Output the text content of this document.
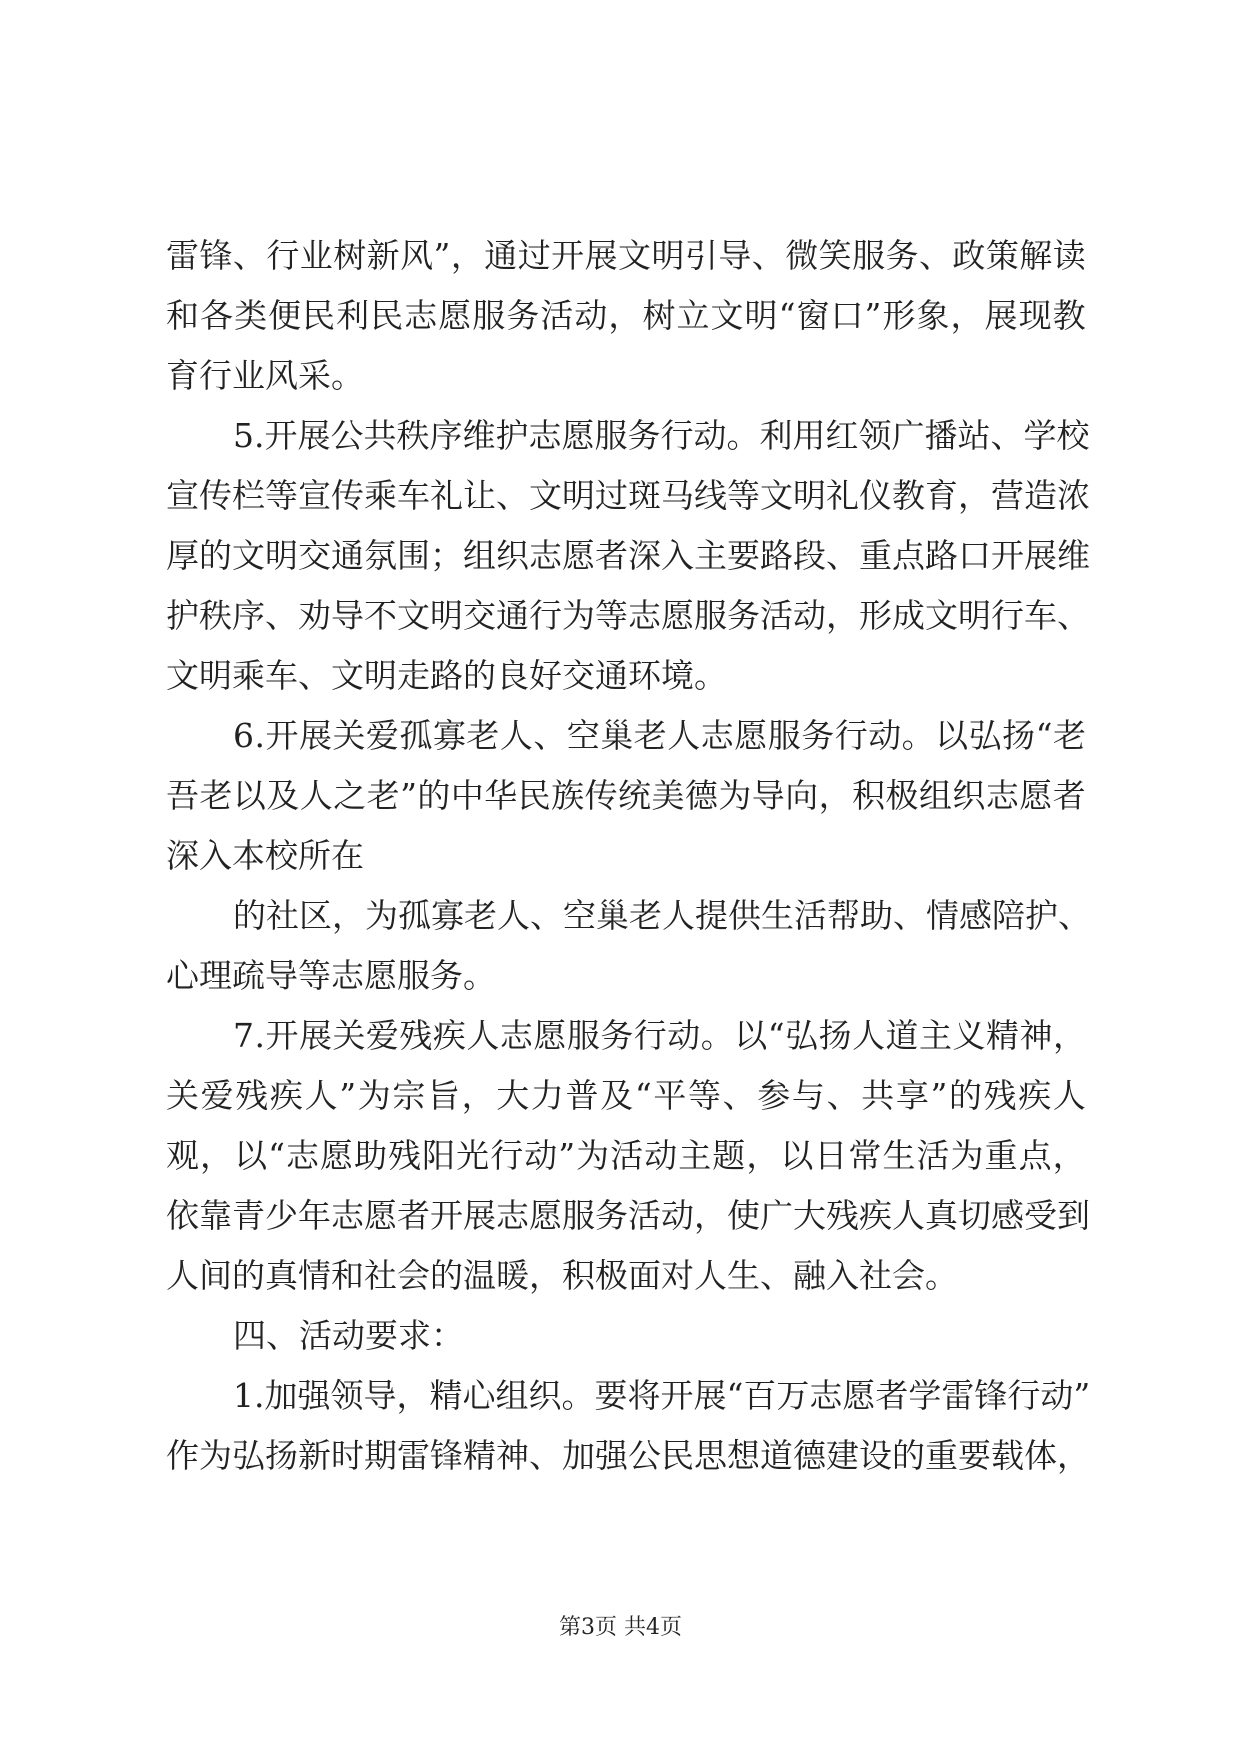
雷 锋 、 行 业 树 新 风 ” ， 通 过 开 展 文 明 引 导 、 微 笑 服 务 、 政 策 解 读
和 各 类 便 民 利 民 志 愿 服 务 活 动 ， 树 立 文 明 “ 窗 口 ” 形 象 ， 展 现 教
育行业风采。
5 . 开 展 公 共 秩 序 维 护 志 愿 服 务 行 动 。 利 用 红 领 广 播 站 、 学 校
宣 传 栏 等 宣 传 乘 车 礼 让 、 文 明 过 斑 马 线 等 文 明 礼 仪 教 育 ， 营 造 浓
厚 的 文 明 交 通 氛 围 ； 组 织 志 愿 者 深 入 主 要 路 段 、 重 点 路 口 开 展 维
护 秩 序 、 劝 导 不 文 明 交 通 行 为 等 志 愿 服 务 活 动 ， 形 成 文 明 行 车 、
文明乘车、文明走路的良好交通环境。
6 . 开 展 关 爱 孤 寡 老 人 、 空 巢 老 人 志 愿 服 务 行 动 。 以 弘 扬 “ 老
吾 老 以 及 人 之 老 ” 的 中 华 民 族 传 统 美 德 为 导 向 ， 积 极 组 织 志 愿 者
深入本校所在
的 社 区 ， 为 孤 寡 老 人 、 空 巢 老 人 提 供 生 活 帮 助 、 情 感 陪 护 、
心理疏导等志愿服务。
7 . 开 展 关 爱 残 疾 人 志 愿 服 务 行 动 。 以 “ 弘 扬 人 道 主 义 精 神 ，
关 爱 残 疾 人 ” 为 宗 旨 ， 大 力 普 及 “ 平 等 、 参 与 、 共 享 ” 的 残 疾 人
观 ， 以 “ 志 愿 助 残 阳 光 行 动 ” 为 活 动 主 题 ， 以 日 常 生 活 为 重 点 ，
依 靠 青 少 年 志 愿 者 开 展 志 愿 服 务 活 动 ， 使 广 大 残 疾 人 真 切 感 受 到
人间的真情和社会的温暖，积极面对人生、融入社会。
四、活动要求：
1 . 加 强 领 导 ， 精 心 组 织 。 要 将 开 展 “ 百 万 志 愿 者 学 雷 锋 行 动 ”
作 为 弘 扬 新 时 期 雷 锋 精 神 、 加 强 公 民 思 想 道 德 建 设 的 重 要 载 体 ，
第3页 共4页
